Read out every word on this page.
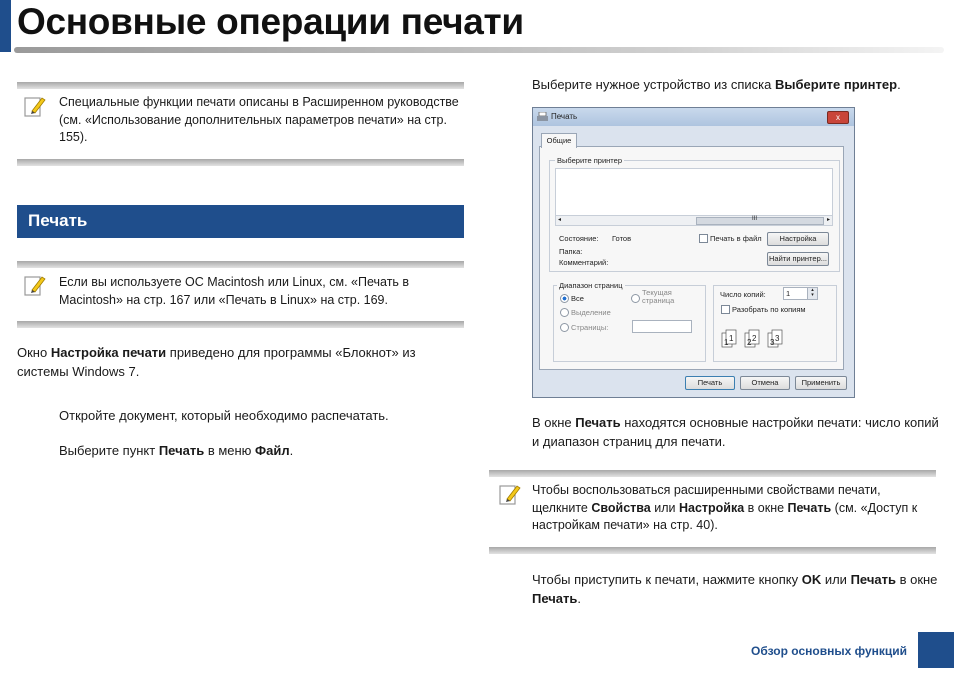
Основные операции печати
Специальные функции печати описаны в Расширенном руководстве (см. «Использование дополнительных параметров печати» на стр. 155).
Печать
Если вы используете ОС Macintosh или Linux, см. «Печать в Macintosh» на стр. 167 или «Печать в Linux» на стр. 169.
Окно Настройка печати приведено для программы «Блокнот» из системы Windows 7.
Откройте документ, который необходимо распечатать.
Выберите пункт Печать в меню Файл.
Выберите нужное устройство из списка Выберите принтер.
Печать	x
Общие
Выберите принтер
◂	III	▸
Состояние: Готов
Папка:
Комментарий:
Печать в файл	Настройка
Найти принтер...
Диапазон страниц
Все
Текущая страница
Выделение
Страницы:
Число копий:	1	▴
▾
Разобрать по копиям
1 1 2 2 3 3
Печать	Отмена	Применить
В окне Печать находятся основные настройки печати: число копий и диапазон страниц для печати.
Чтобы воспользоваться расширенными свойствами печати, щелкните Свойства или Настройка в окне Печать (см. «Доступ к настройкам печати» на стр. 40).
Чтобы приступить к печати, нажмите кнопку OK или Печать в окне Печать.
Обзор основных функций
